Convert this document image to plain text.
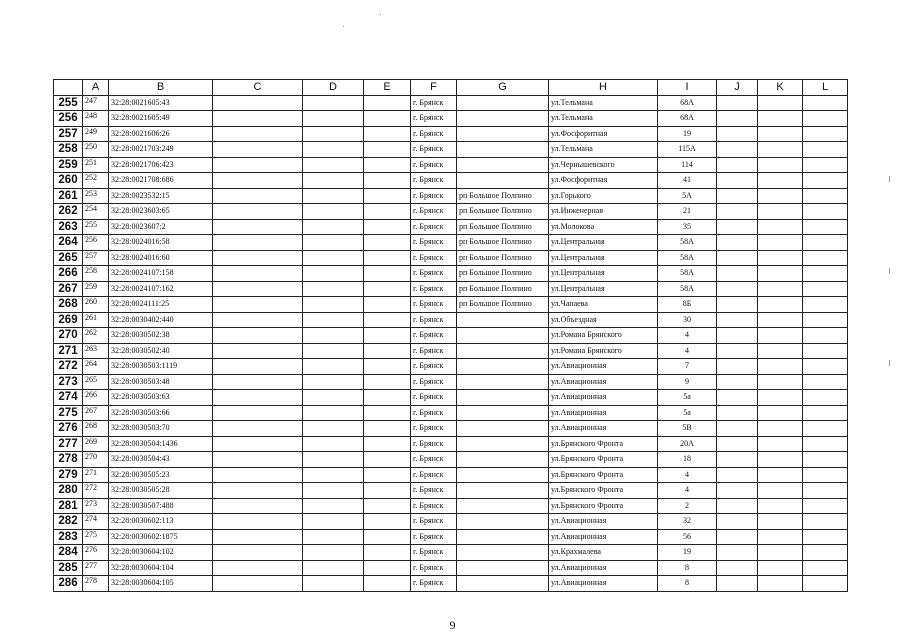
	A	B	C	D	E	F	G	H	I	J	K	L
255	247	32:28:0021605:43				г. Брянск		ул.Тельмана	68А			
256	248	32:28:0021605:49				г. Брянск		ул.Тельмана	68А			
257	249	32:28:0021606:26				г. Брянск		ул.Фосфоритная	19			
258	250	32:28:0021703:249				г. Брянск		ул.Тельмана	115А			
259	251	32:28:0021706:423				г. Брянск		ул.Чернышевского	114			
260	252	32:28:0021708:686				г. Брянск		ул.Фосфоритная	41			
261	253	32:28:0023532:15				г. Брянск	рп Большое Полпино	ул.Горького	5А			
262	254	32:28:0023603:65				г. Брянск	рп Большое Полпино	ул.Инженерная	21			
263	255	32:28:0023607:2				г. Брянск	рп Большое Полпино	ул.Молокова	35			
264	256	32:28:0024016:58				г. Брянск	рп Большое Полпино	ул.Центральная	58А			
265	257	32:28:0024016:60				г. Брянск	рп Большое Полпино	ул.Центральная	58А			
266	258	32:28:0024107:158				г. Брянск	рп Большое Полпино	ул.Центральная	58А			
267	259	32:28:0024107:162				г. Брянск	рп Большое Полпино	ул.Центральная	58А			
268	260	32:28:0024111:25				г. Брянск	рп Большое Полпино	ул.Чапаева	8Б			
269	261	32:28:0030402:440				г. Брянск		ул.Объездная	30			
270	262	32:28:0030502:38				г. Брянск		ул.Романа Брянского	4			
271	263	32:28:0030502:40				г. Брянск		ул.Романа Брянского	4			
272	264	32:28:0030503:1119				г. Брянск		ул.Авиационная	7			
273	265	32:28:0030503:48				г. Брянск		ул.Авиационная	9			
274	266	32:28:0030503:63				г. Брянск		ул.Авиационная	5а			
275	267	32:28:0030503:66				г. Брянск		ул.Авиационная	5а			
276	268	32:28:0030503:70				г. Брянск		ул.Авиационная	5В			
277	269	32:28:0030504:1436				г. Брянск		ул.Брянского Фронта	20А			
278	270	32:28:0030504:43				г. Брянск		ул.Брянского Фронта	18			
279	271	32:28:0030505:23				г. Брянск		ул.Брянского Фронта	4			
280	272	32:28:0030505:28				г. Брянск		ул.Брянского Фронта	4			
281	273	32:28:0030507:488				г. Брянск		ул.Брянского Фронта	2			
282	274	32:28:0030602:113				г. Брянск		ул.Авиационная	32			
283	275	32:28:0030602:1875				г. Брянск		ул.Авиационная	56			
284	276	32:28:0030604:102				г. Брянск		ул.Крахмалева	19			
285	277	32:28:0030604:104				г. Брянск		ул.Авиационная	8			
286	278	32:28:0030604:105				г. Брянск		ул.Авиационная	8			
9
